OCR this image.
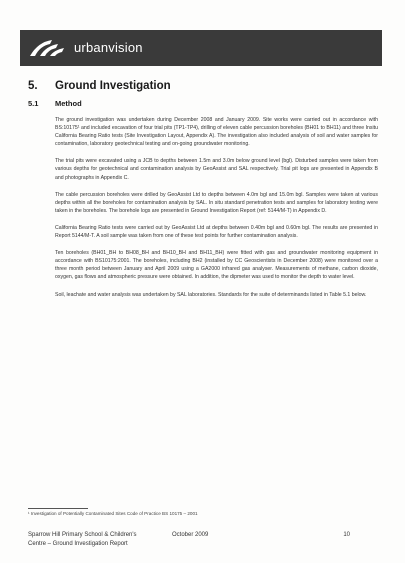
urbanvision
5.	Ground Investigation
5.1	Method

The ground investigation was undertaken during December 2008 and January 2009. Site works were carried out in accordance with BS:10175¹ and included excavation of four trial pits (TP1-TP4), drilling of eleven cable percussion boreholes (BH01 to BH11) and three Insitu California Bearing Ratio tests (Site Investigation Layout, Appendix A). The investigation also included analysis of soil and water samples for contamination, laboratory geotechnical testing and on-going groundwater monitoring.

The trial pits were excavated using a JCB to depths between 1.5m and 3.0m below ground level (bgl). Disturbed samples were taken from various depths for geotechnical and contamination analysis by GeoAssist and SAL respectively. Trial pit logs are presented in Appendix B and photographs in Appendix C.

The cable percussion boreholes were drilled by GeoAssist Ltd to depths between 4.0m bgl and 15.0m bgl. Samples were taken at various depths within all the boreholes for contamination analysis by SAL. In situ standard penetration tests and samples for laboratory testing were taken in the boreholes. The borehole logs are presented in Ground Investigation Report (ref: 5144/M-T) in Appendix D.

California Bearing Ratio tests were carried out by GeoAssist Ltd at depths between 0.40m bgl and 0.60m bgl. The results are presented in Report 5144/M-T. A soil sample was taken from one of these test points for further contamination analysis.

Ten boreholes (BH01_BH to BH08_BH and BH10_BH and BH11_BH) were fitted with gas and groundwater monitoring equipment in accordance with BS10175:2001. The boreholes, including BH2 (installed by CC Geoscientists in December 2008) were monitored over a three month period between January and April 2009 using a GA2000 infrared gas analyser. Measurements of methane, carbon dioxide, oxygen, gas flows and atmospheric pressure were obtained. In addition, the dipmeter was used to monitor the depth to water level.

Soil, leachate and water analysis was undertaken by SAL laboratories. Standards for the suite of determinands listed in Table 5.1 below.

¹ Investigation of Potentially Contaminated Sites Code of Practice BS 10175 – 2001
Sparrow Hill Primary School & Children's
Centre – Ground Investigation Report
October 2009	10
